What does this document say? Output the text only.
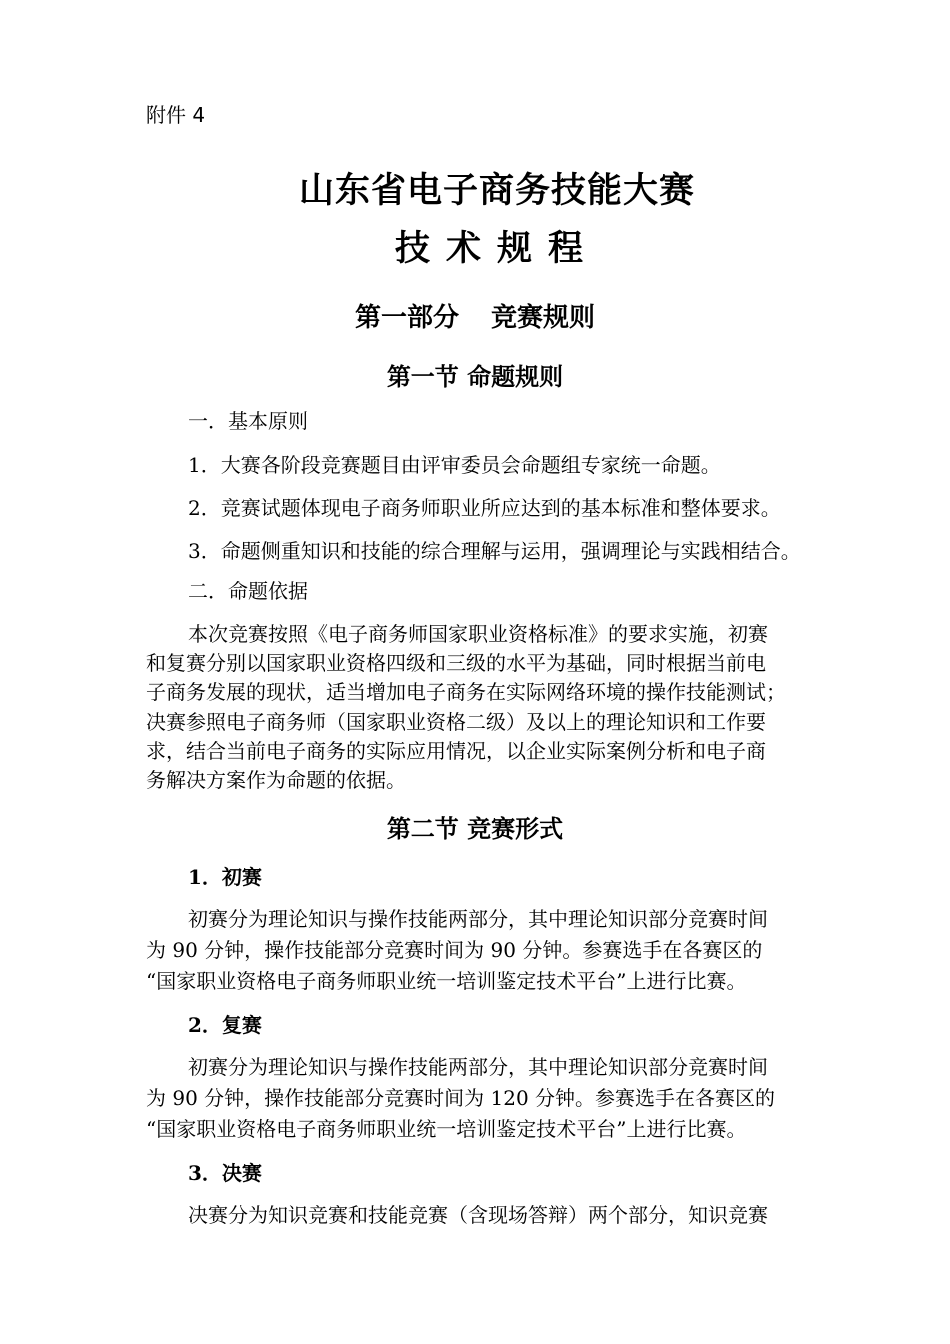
附件 4
山东省电子商务技能大赛
技术规程
第一部分 竞赛规则
第一节 命题规则
一．基本原则
1．大赛各阶段竞赛题目由评审委员会命题组专家统一命题。
2．竞赛试题体现电子商务师职业所应达到的基本标准和整体要求。
3．命题侧重知识和技能的综合理解与运用，强调理论与实践相结合。
二．命题依据
本次竞赛按照《电子商务师国家职业资格标准》的要求实施，初赛
和复赛分别以国家职业资格四级和三级的水平为基础，同时根据当前电
子商务发展的现状，适当增加电子商务在实际网络环境的操作技能测试；
决赛参照电子商务师（国家职业资格二级）及以上的理论知识和工作要
求，结合当前电子商务的实际应用情况，以企业实际案例分析和电子商
务解决方案作为命题的依据。
第二节 竞赛形式
1．初赛
初赛分为理论知识与操作技能两部分，其中理论知识部分竞赛时间
为 90 分钟，操作技能部分竞赛时间为 90 分钟。参赛选手在各赛区的
“国家职业资格电子商务师职业统一培训鉴定技术平台”上进行比赛。
2．复赛
初赛分为理论知识与操作技能两部分，其中理论知识部分竞赛时间
为 90 分钟，操作技能部分竞赛时间为 120 分钟。参赛选手在各赛区的
“国家职业资格电子商务师职业统一培训鉴定技术平台”上进行比赛。
3．决赛
决赛分为知识竞赛和技能竞赛（含现场答辩）两个部分，知识竞赛
